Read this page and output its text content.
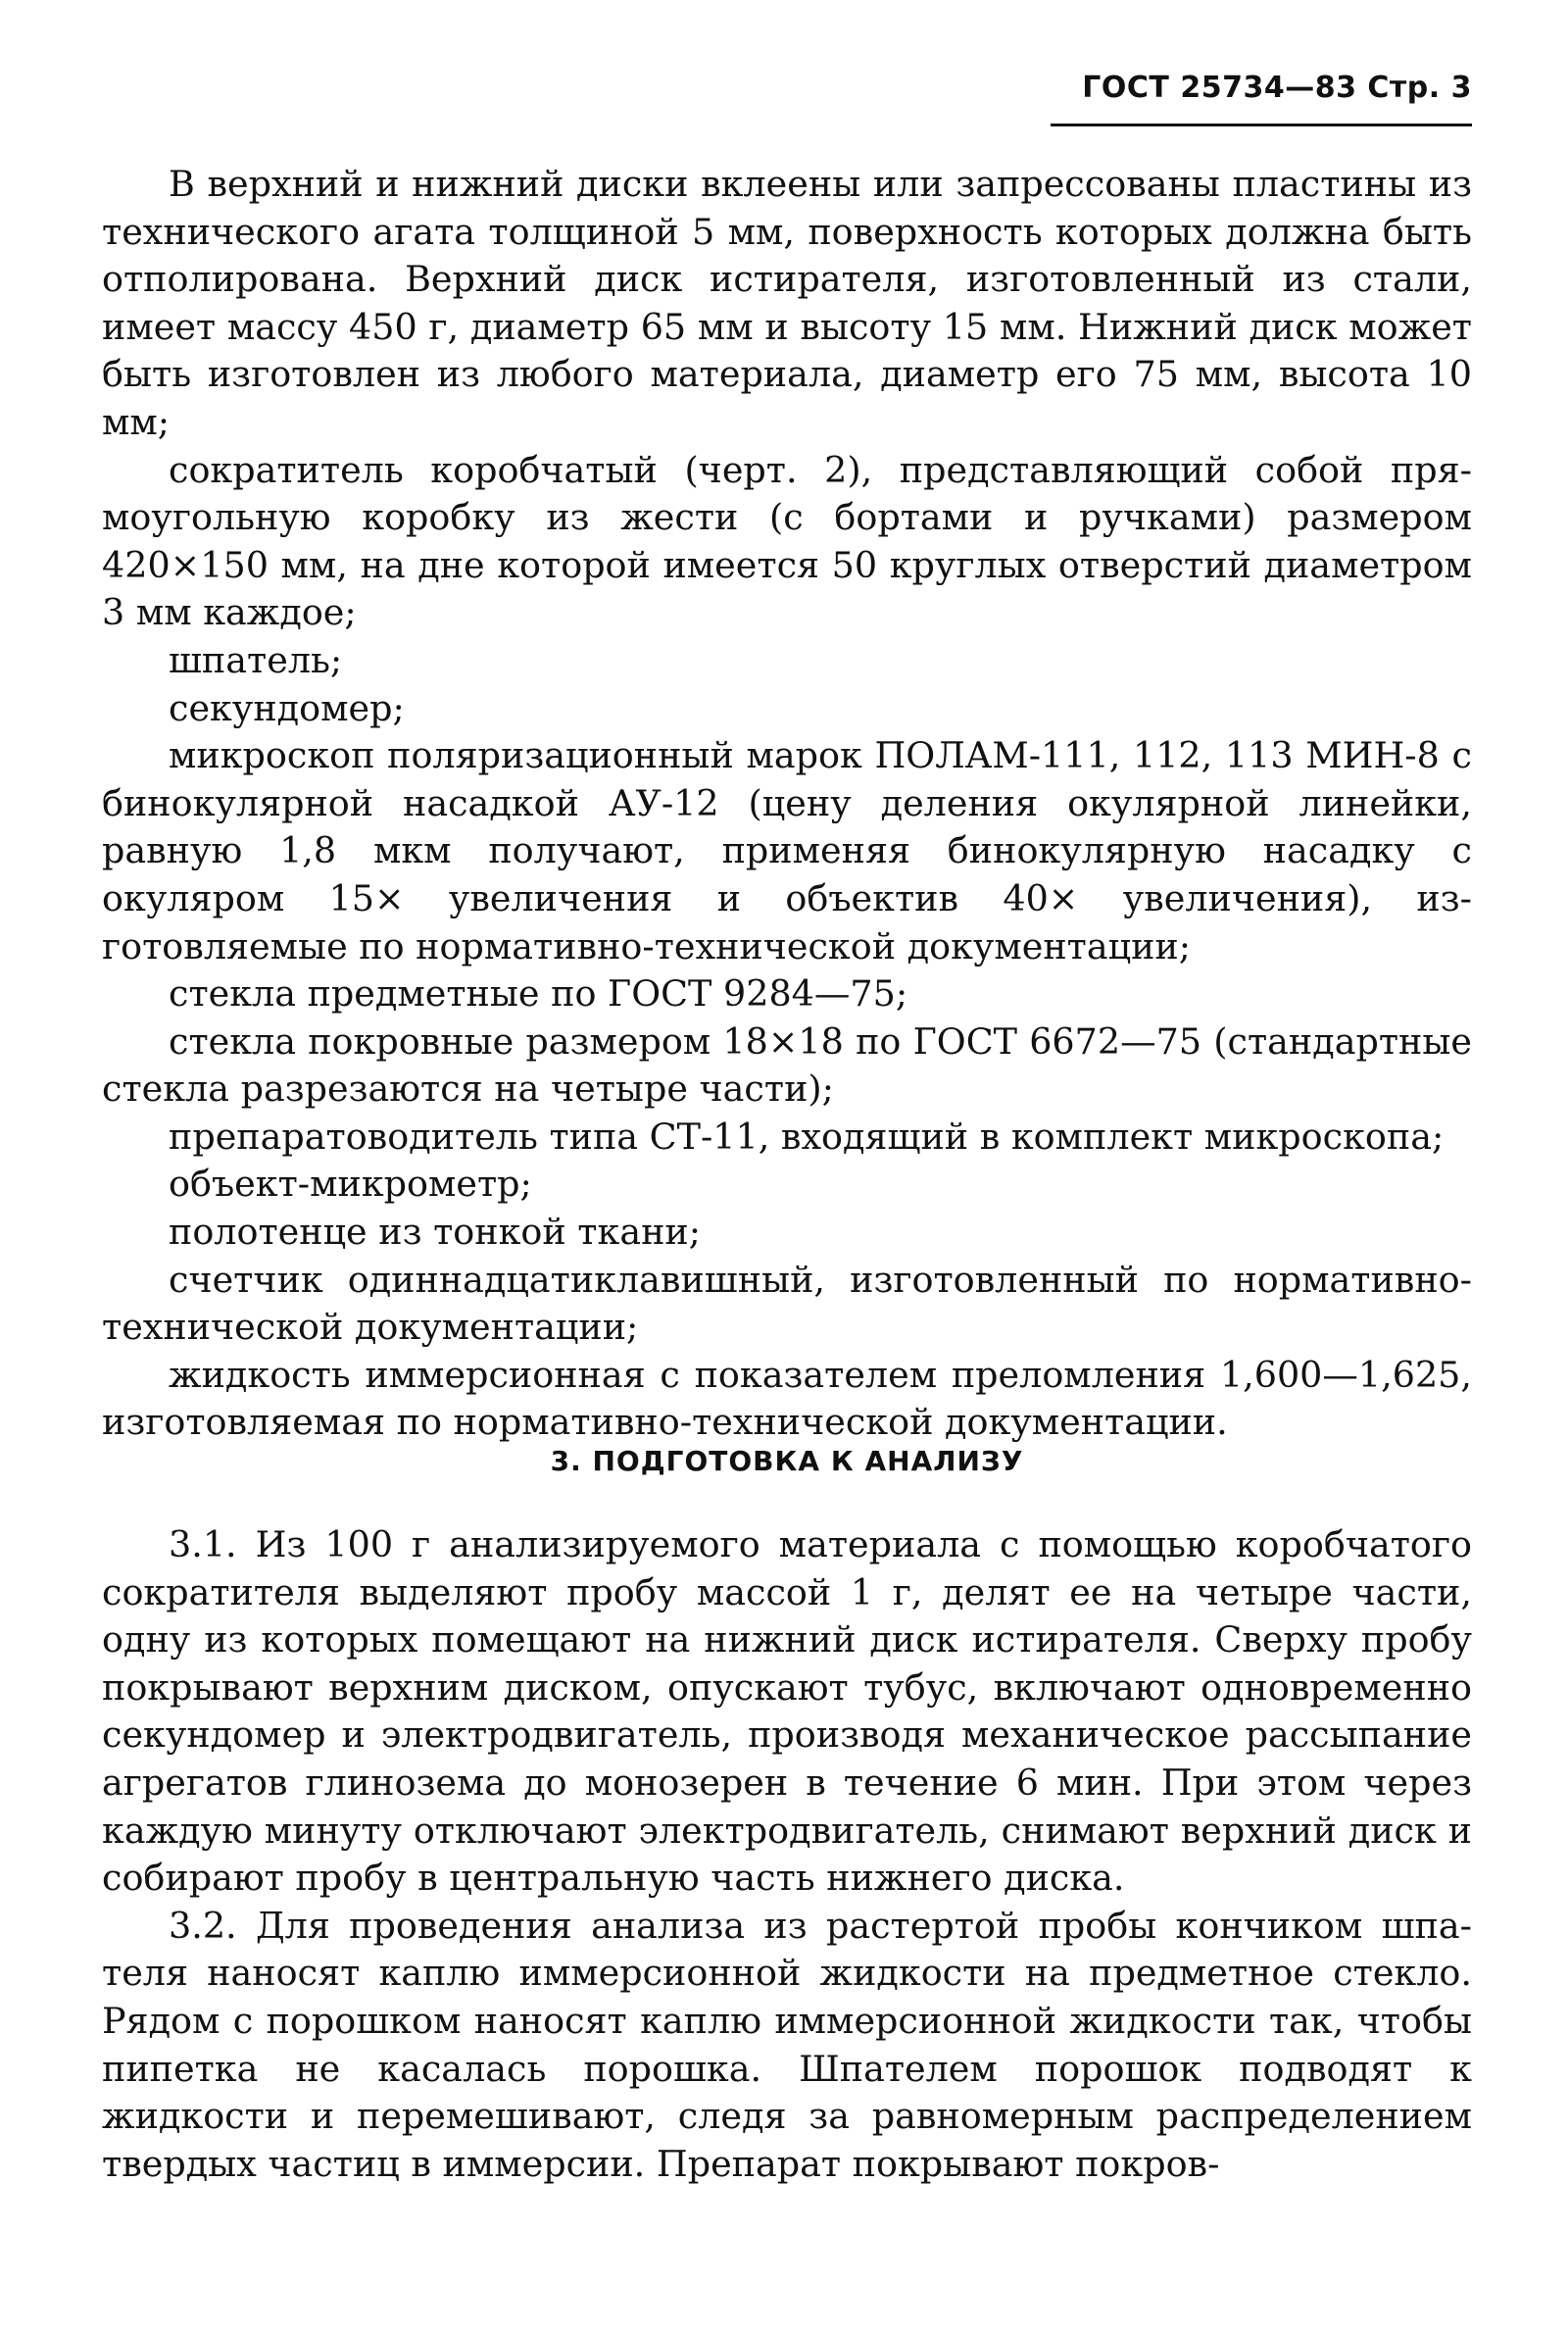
ГОСТ 25734—83 Стр. 3

В верхний и нижний диски вклеены или запрессованы пластины из технического агата толщиной 5 мм, поверхность которых должна быть отполирована. Верхний диск истирателя, изготовленный из стали, имеет массу 450 г, диаметр 65 мм и высоту 15 мм. Нижний диск может быть изготовлен из любого материала, диаметр его 75 мм, высота 10 мм;

сократитель коробчатый (черт. 2), представляющий собой прямоугольную коробку из жести (с бортами и ручками) размером 420×150 мм, на дне которой имеется 50 круглых отверстий диаметром 3 мм каждое;

шпатель;

секундомер;

микроскоп поляризационный марок ПОЛАМ-111, 112, 113 МИН-8 с бинокулярной насадкой АУ-12 (цену деления окулярной линейки, равную 1,8 мкм получают, применяя бинокулярную насадку с окуляром 15× увеличения и объектив 40× увеличения), изготовляемые по нормативно-технической документации;

стекла предметные по ГОСТ 9284—75;

стекла покровные размером 18×18 по ГОСТ 6672—75 (стандартные стекла разрезаются на четыре части);

препаратоводитель типа СТ-11, входящий в комплект микроскопа;

объект-микрометр;

полотенце из тонкой ткани;

счетчик одиннадцатиклавишный, изготовленный по нормативно-технической документации;

жидкость иммерсионная с показателем преломления 1,600—1,625, изготовляемая по нормативно-технической документации.

3. ПОДГОТОВКА К АНАЛИЗУ

3.1. Из 100 г анализируемого материала с помощью коробчатого сократителя выделяют пробу массой 1 г, делят ее на четыре части, одну из которых помещают на нижний диск истирателя. Сверху пробу покрывают верхним диском, опускают тубус, включают одновременно секундомер и электродвигатель, производя механическое рассыпание агрегатов глинозема до монозерен в течение 6 мин. При этом через каждую минуту отключают электродвигатель, снимают верхний диск и собирают пробу в центральную часть нижнего диска.

3.2. Для проведения анализа из растертой пробы кончиком шпателя наносят каплю иммерсионной жидкости на предметное стекло. Рядом с порошком наносят каплю иммерсионной жидкости так, чтобы пипетка не касалась порошка. Шпателем порошок подводят к жидкости и перемешивают, следя за равномерным распределением твердых частиц в иммерсии. Препарат покрывают покров-
